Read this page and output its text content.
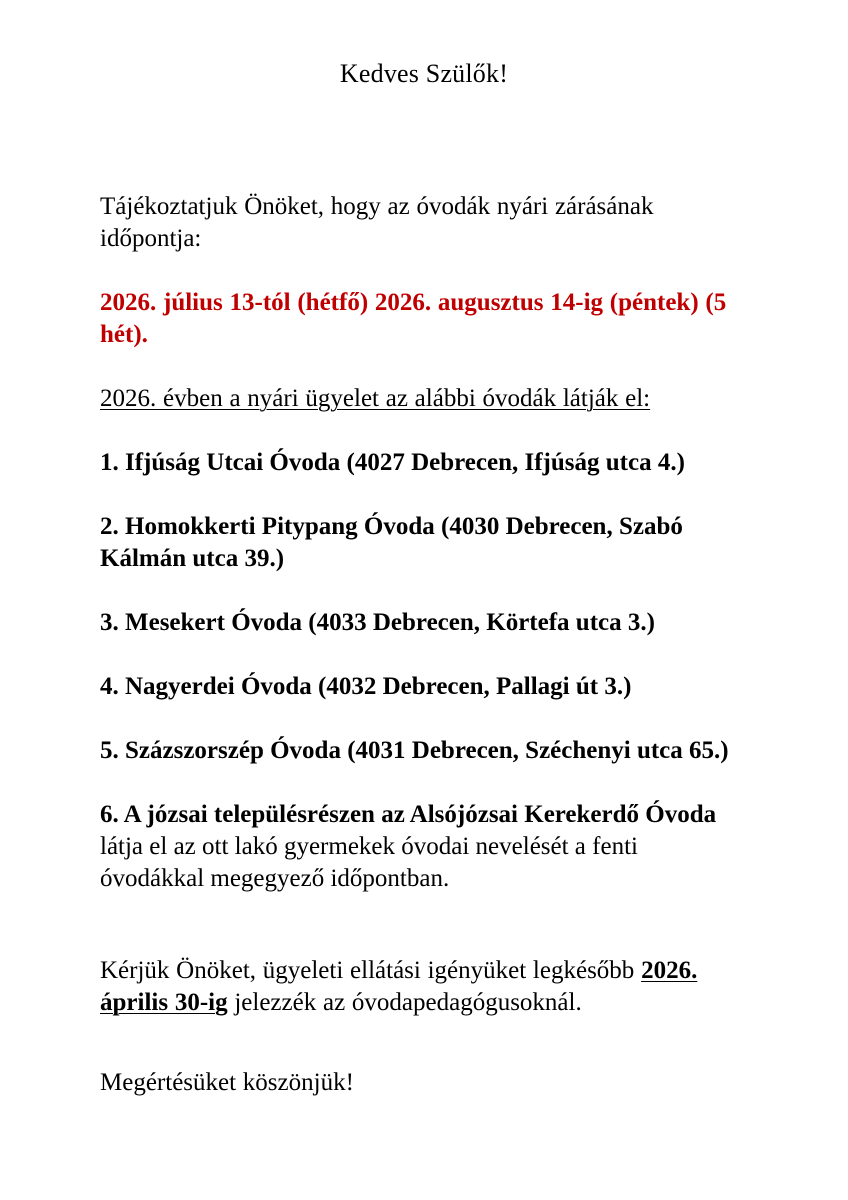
Kedves Szülők!

Tájékoztatjuk Önöket, hogy az óvodák nyári zárásának időpontja:

2026. július 13-tól (hétfő) 2026. augusztus 14-ig (péntek) (5 hét).

2026. évben a nyári ügyelet az alábbi óvodák látják el:

1. Ifjúság Utcai Óvoda (4027 Debrecen, Ifjúság utca 4.)

2. Homokkerti Pitypang Óvoda (4030 Debrecen, Szabó Kálmán utca 39.)

3. Mesekert Óvoda (4033 Debrecen, Körtefa utca 3.)

4. Nagyerdei Óvoda (4032 Debrecen, Pallagi út 3.)

5. Százszorszép Óvoda (4031 Debrecen, Széchenyi utca 65.)

6. A józsai településrészen az Alsójózsai Kerekerdő Óvoda látja el az ott lakó gyermekek óvodai nevelését a fenti óvodákkal megegyező időpontban.

Kérjük Önöket, ügyeleti ellátási igényüket legkésőbb 2026. április 30-ig jelezzék az óvodapedagógusoknál.

Megértésüket köszönjük!
